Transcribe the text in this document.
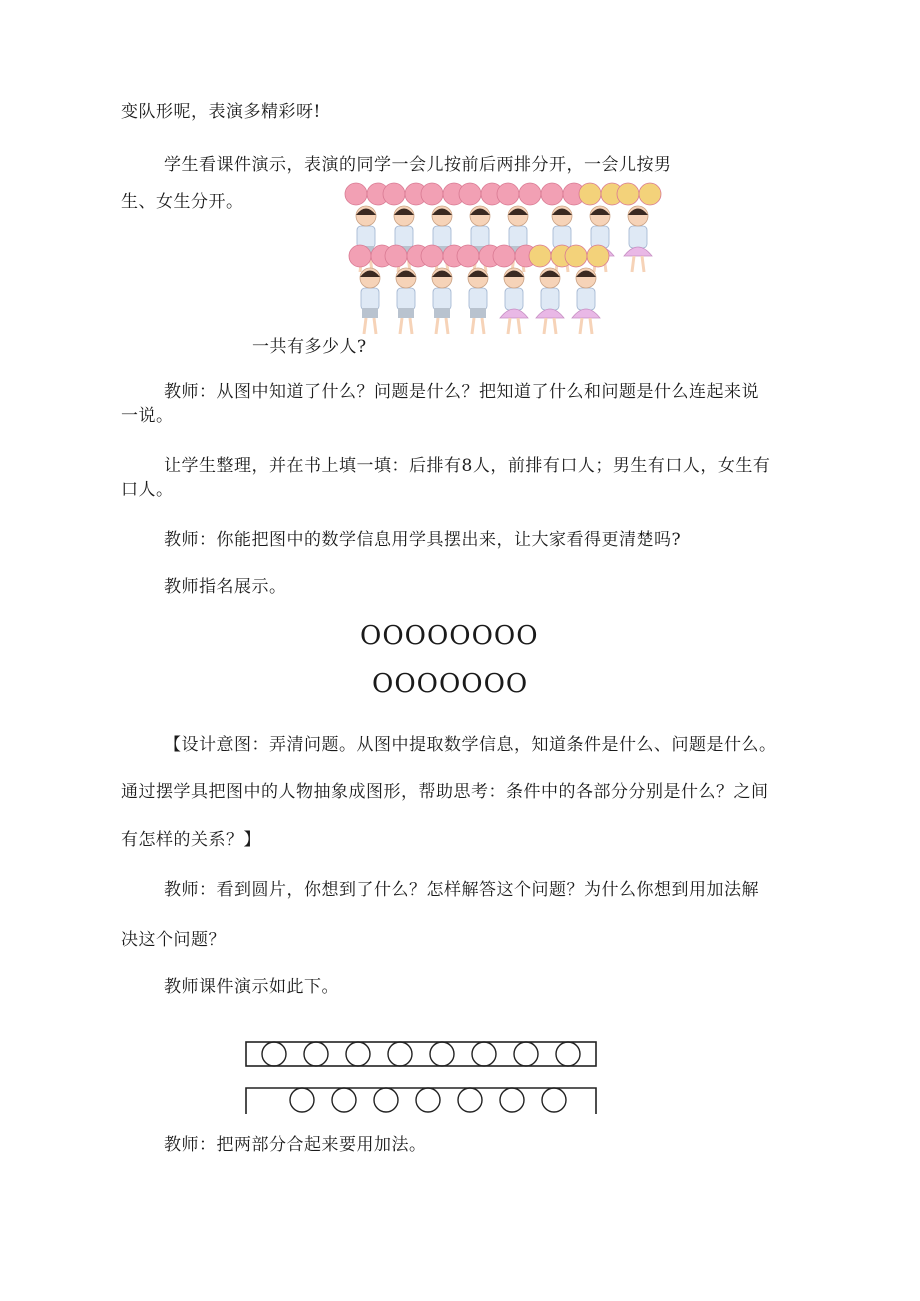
变队形呢，表演多精彩呀!
学生看课件演示，表演的同学一会儿按前后两排分开，一会儿按男
生、女生分开。
一共有多少人?
教师：从图中知道了什么？问题是什么？把知道了什么和问题是什么连起来说
一说。
让学生整理，并在书上填一填：后排有8人，前排有口人；男生有口人，女生有
口人。
教师：你能把图中的数学信息用学具摆出来，让大家看得更清楚吗?
教师指名展示。
OOOOOOOO
OOOOOOO
【设计意图：弄清问题。从图中提取数学信息，知道条件是什么、问题是什么。
通过摆学具把图中的人物抽象成图形，帮助思考：条件中的各部分分别是什么？之间
有怎样的关系？】
教师：看到圆片，你想到了什么？怎样解答这个问题？为什么你想到用加法解
决这个问题？
教师课件演示如此下。
教师：把两部分合起来要用加法。
